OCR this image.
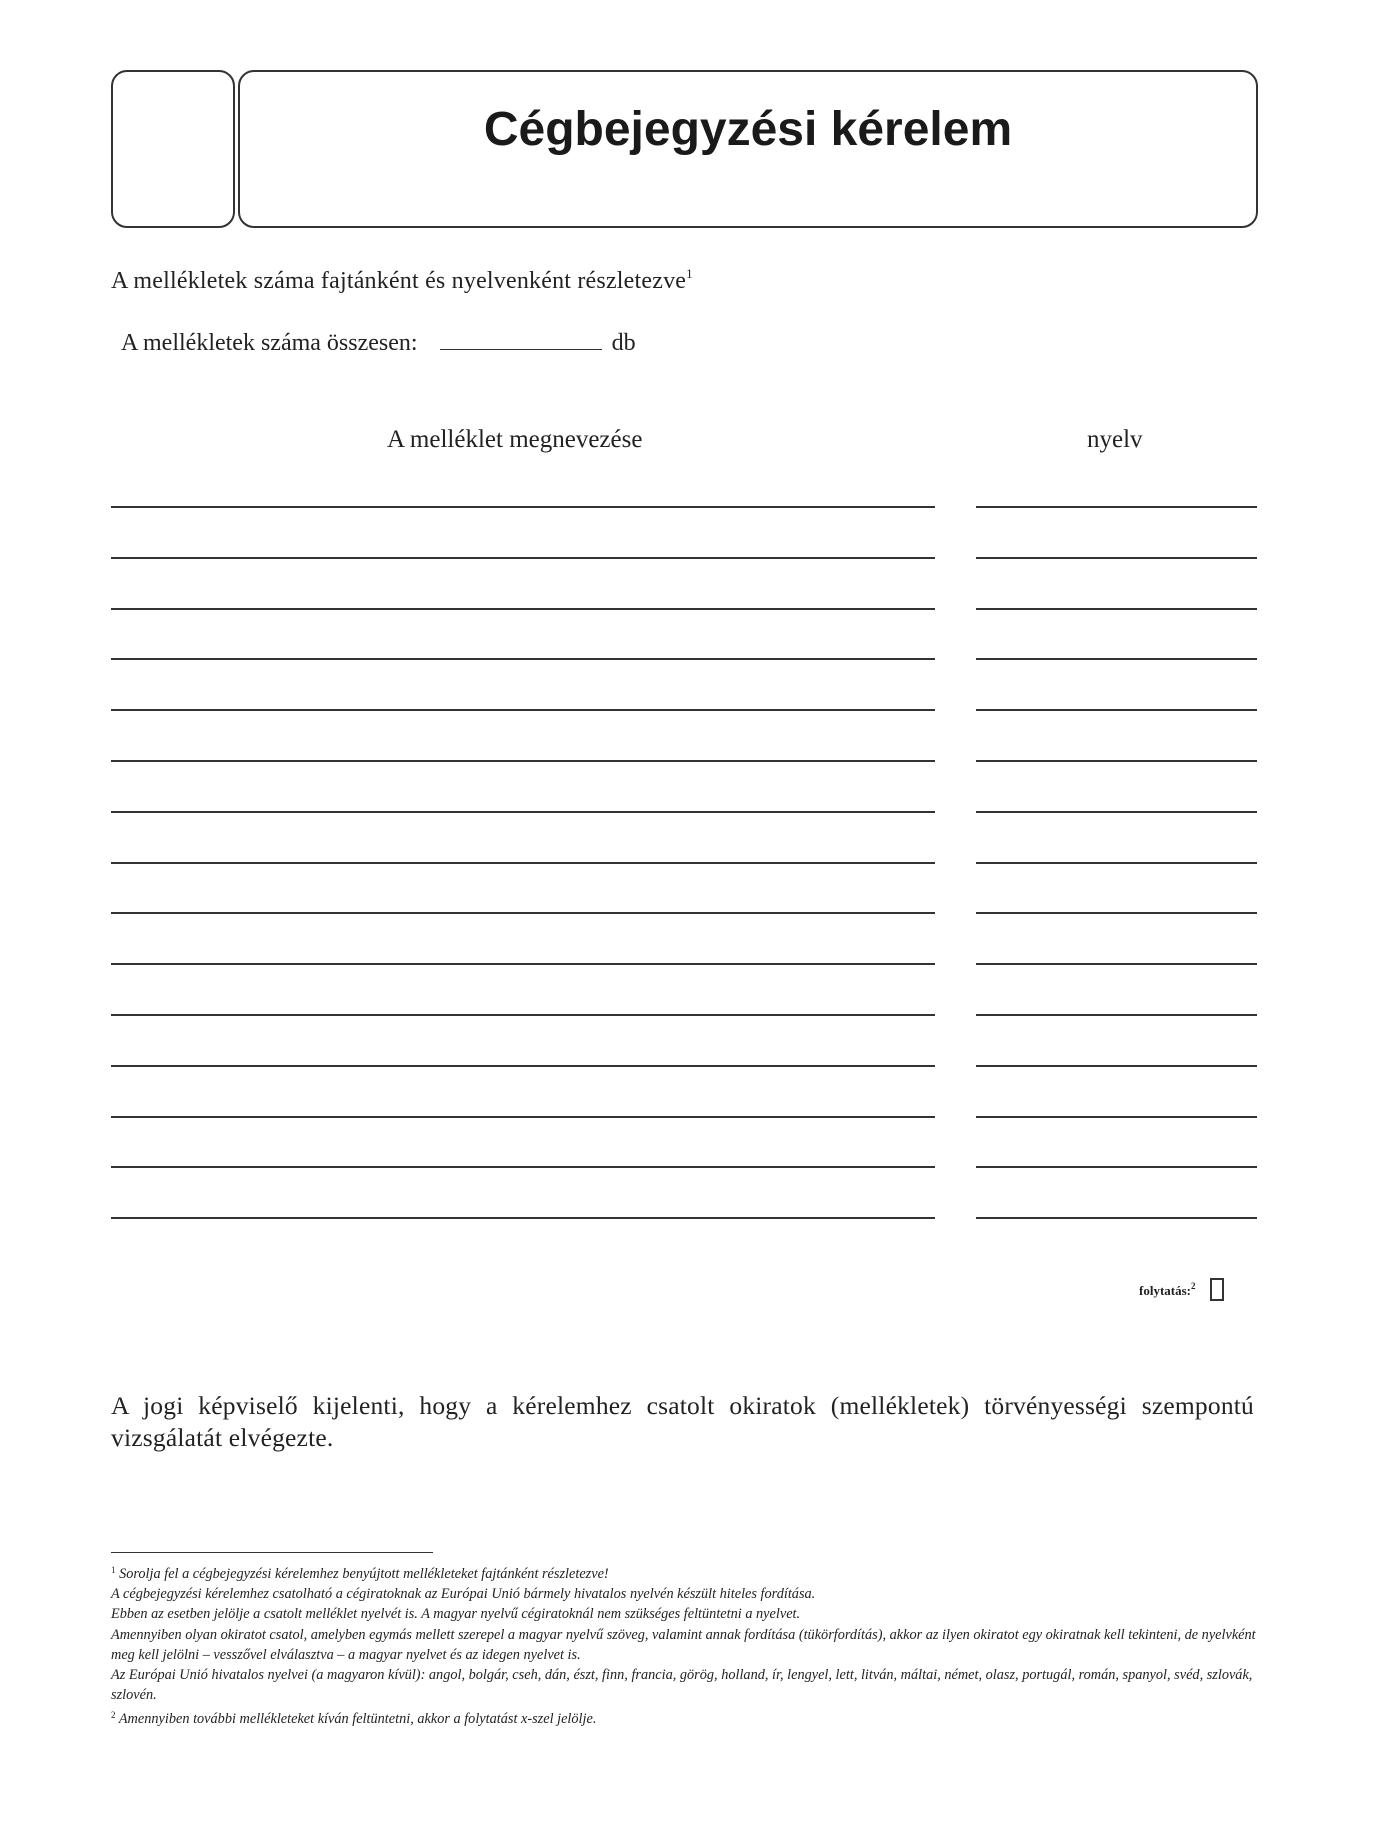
Cégbejegyzési kérelem
A mellékletek száma fajtánként és nyelvenként részletezve$^1$
A mellékletek száma összesen:	db
A melléklet megnevezése	nyelv
folytatás:$^2$
A jogi képviselő kijelenti, hogy a kérelemhez csatolt okiratok (mellékletek) törvényességi szempontú vizsgálatát elvégezte.

$^1$ Sorolja fel a cégbejegyzési kérelemhez benyújtott mellékleteket fajtánként részletezve!

A cégbejegyzési kérelemhez csatolható a cégiratoknak az Európai Unió bármely hivatalos nyelvén készült hiteles fordítása.

Ebben az esetben jelölje a csatolt melléklet nyelvét is. A magyar nyelvű cégiratoknál nem szükséges feltüntetni a nyelvet.

Amennyiben olyan okiratot csatol, amelyben egymás mellett szerepel a magyar nyelvű szöveg, valamint annak fordítása (tükörfordítás), akkor az ilyen okiratot egy okiratnak kell tekinteni, de nyelvként meg kell jelölni – vesszővel elválasztva – a magyar nyelvet és az idegen nyelvet is.

Az Európai Unió hivatalos nyelvei (a magyaron kívül): angol, bolgár, cseh, dán, észt, finn, francia, görög, holland, ír, lengyel, lett, litván, máltai, német, olasz, portugál, román, spanyol, svéd, szlovák, szlovén.

$^2$ Amennyiben további mellékleteket kíván feltüntetni, akkor a folytatást x-szel jelölje.
